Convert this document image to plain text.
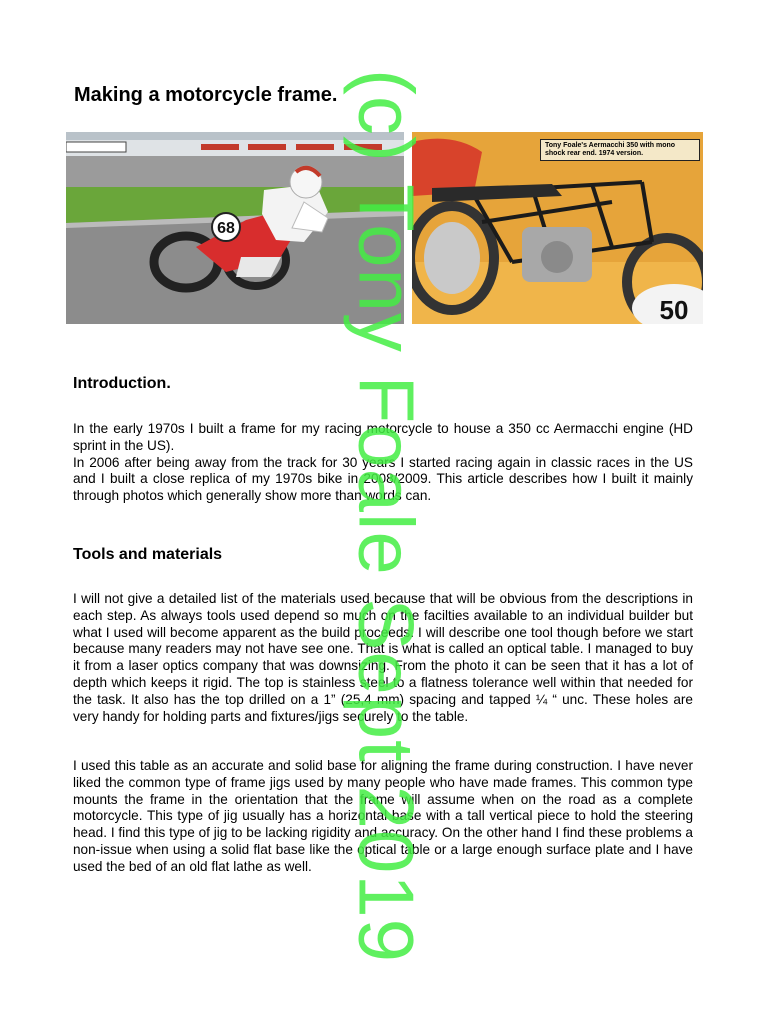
Making a motorcycle frame.
68
50
Tony Foale's Aermacchi 350 with mono shock rear end. 1974 version.
Introduction.
In the early 1970s I built a frame for my racing motorcycle to house a 350 cc Aermacchi engine (HD sprint in the US).
In 2006 after being away from the track for 30 years I started racing again in classic races in the US and I built a close replica of my 1970s bike in 2008/2009. This article describes how I built it mainly through photos which generally show more than words can.
Tools and materials
I will not give a detailed list of the materials used because that will be obvious from the descriptions in each step. As always tools used depend so much on the facilties available to an individual builder but what I used will become apparent as the build proceeds. I will describe one tool though before we start because many readers may not have see one. That is what is called an optical table. I managed to buy it from a laser optics company that was downsizing. From the photo it can be seen that it has a lot of depth which keeps it rigid. The top is stainless steel to a flatness tolerance well within that needed for the task. It also has the top drilled on a 1” (25,4 mm) spacing and tapped ¼ “ unc. These holes are very handy for holding parts and fixtures/jigs securely to the table.
I used this table as an accurate and solid base for aligning the frame during construction. I have never liked the common type of frame jigs used by many people who have made frames. This common type mounts the frame in the orientation that the frame will assume when on the road as a complete motorcycle. This type of jig usually has a horizontal base with a tall vertical piece to hold the steering head. I find this type of jig to be lacking rigidity and accuracy. On the other hand I find these problems a non-issue when using a solid flat base like the optical table or a large enough surface plate and I have used the bed of an old flat lathe as well. (c) Tony Foale Sept 2019
